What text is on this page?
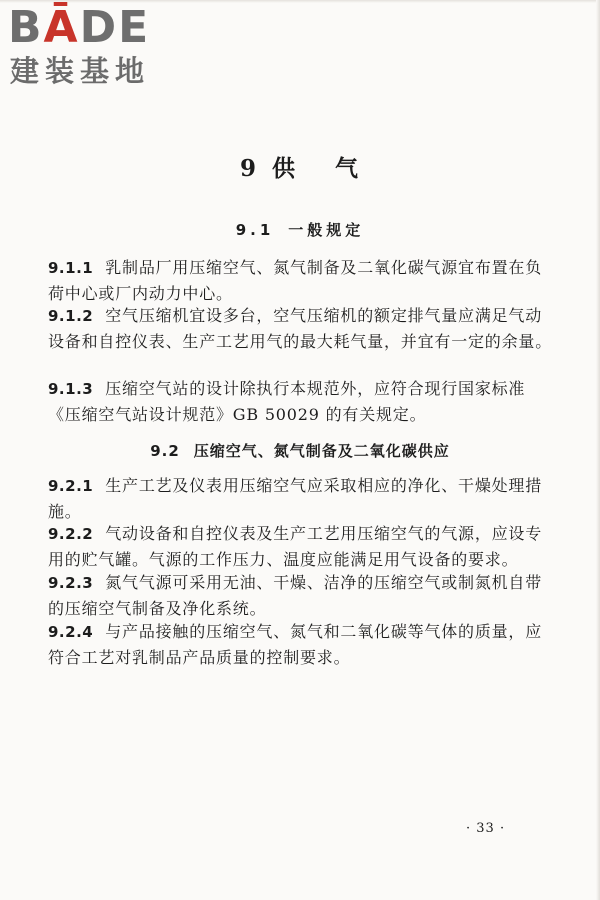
BĀDE
建装基地
9 供 气
9.1 一般规定
9.1.1 乳制品厂用压缩空气、氮气制备及二氧化碳气源宜布置在负荷中心或厂内动力中心。
9.1.2 空气压缩机宜设多台，空气压缩机的额定排气量应满足气动设备和自控仪表、生产工艺用气的最大耗气量，并宜有一定的余量。
9.1.3 压缩空气站的设计除执行本规范外，应符合现行国家标准《压缩空气站设计规范》GB 50029 的有关规定。
9.2 压缩空气、氮气制备及二氧化碳供应
9.2.1 生产工艺及仪表用压缩空气应采取相应的净化、干燥处理措施。
9.2.2 气动设备和自控仪表及生产工艺用压缩空气的气源，应设专用的贮气罐。气源的工作压力、温度应能满足用气设备的要求。
9.2.3 氮气气源可采用无油、干燥、洁净的压缩空气或制氮机自带的压缩空气制备及净化系统。
9.2.4 与产品接触的压缩空气、氮气和二氧化碳等气体的质量，应符合工艺对乳制品产品质量的控制要求。
· 33 ·
